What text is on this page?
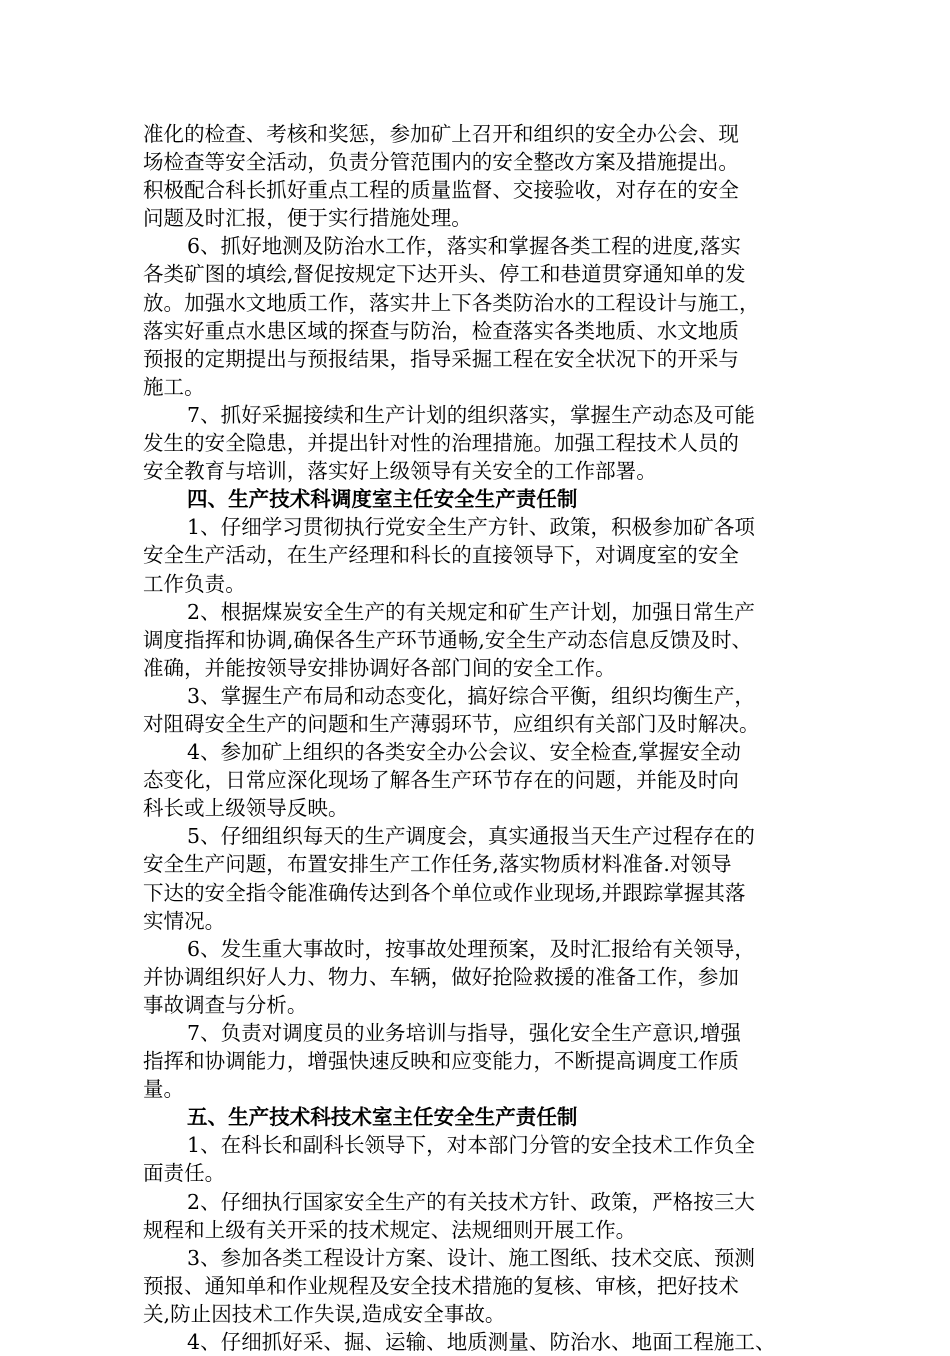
准化的检查、考核和奖惩，参加矿上召开和组织的安全办公会、现
场检查等安全活动，负责分管范围内的安全整改方案及措施提出。
积极配合科长抓好重点工程的质量监督、交接验收，对存在的安全
问题及时汇报，便于实行措施处理。
6、抓好地测及防治水工作，落实和掌握各类工程的进度,落实
各类矿图的填绘,督促按规定下达开头、停工和巷道贯穿通知单的发
放。加强水文地质工作，落实井上下各类防治水的工程设计与施工，
落实好重点水患区域的探查与防治，检查落实各类地质、水文地质
预报的定期提出与预报结果，指导采掘工程在安全状况下的开采与
施工。
7、抓好采掘接续和生产计划的组织落实，掌握生产动态及可能
发生的安全隐患，并提出针对性的治理措施。加强工程技术人员的
安全教育与培训，落实好上级领导有关安全的工作部署。
四、生产技术科调度室主任安全生产责任制
1、仔细学习贯彻执行党安全生产方针、政策，积极参加矿各项
安全生产活动，在生产经理和科长的直接领导下，对调度室的安全
工作负责。
2、根据煤炭安全生产的有关规定和矿生产计划，加强日常生产
调度指挥和协调,确保各生产环节通畅,安全生产动态信息反馈及时、
准确，并能按领导安排协调好各部门间的安全工作。
3、掌握生产布局和动态变化，搞好综合平衡，组织均衡生产，
对阻碍安全生产的问题和生产薄弱环节，应组织有关部门及时解决。
4、参加矿上组织的各类安全办公会议、安全检查,掌握安全动
态变化，日常应深化现场了解各生产环节存在的问题，并能及时向
科长或上级领导反映。
5、仔细组织每天的生产调度会，真实通报当天生产过程存在的
安全生产问题，布置安排生产工作任务,落实物质材料准备.对领导
下达的安全指令能准确传达到各个单位或作业现场,并跟踪掌握其落
实情况。
6、发生重大事故时，按事故处理预案，及时汇报给有关领导，
并协调组织好人力、物力、车辆，做好抢险救援的准备工作，参加
事故调查与分析。
7、负责对调度员的业务培训与指导，强化安全生产意识,增强
指挥和协调能力，增强快速反映和应变能力，不断提高调度工作质
量。
五、生产技术科技术室主任安全生产责任制
1、在科长和副科长领导下，对本部门分管的安全技术工作负全
面责任。
2、仔细执行国家安全生产的有关技术方针、政策，严格按三大
规程和上级有关开采的技术规定、法规细则开展工作。
3、参加各类工程设计方案、设计、施工图纸、技术交底、预测
预报、通知单和作业规程及安全技术措施的复核、审核，把好技术
关,防止因技术工作失误,造成安全事故。
4、仔细抓好采、掘、运输、地质测量、防治水、地面工程施工、
